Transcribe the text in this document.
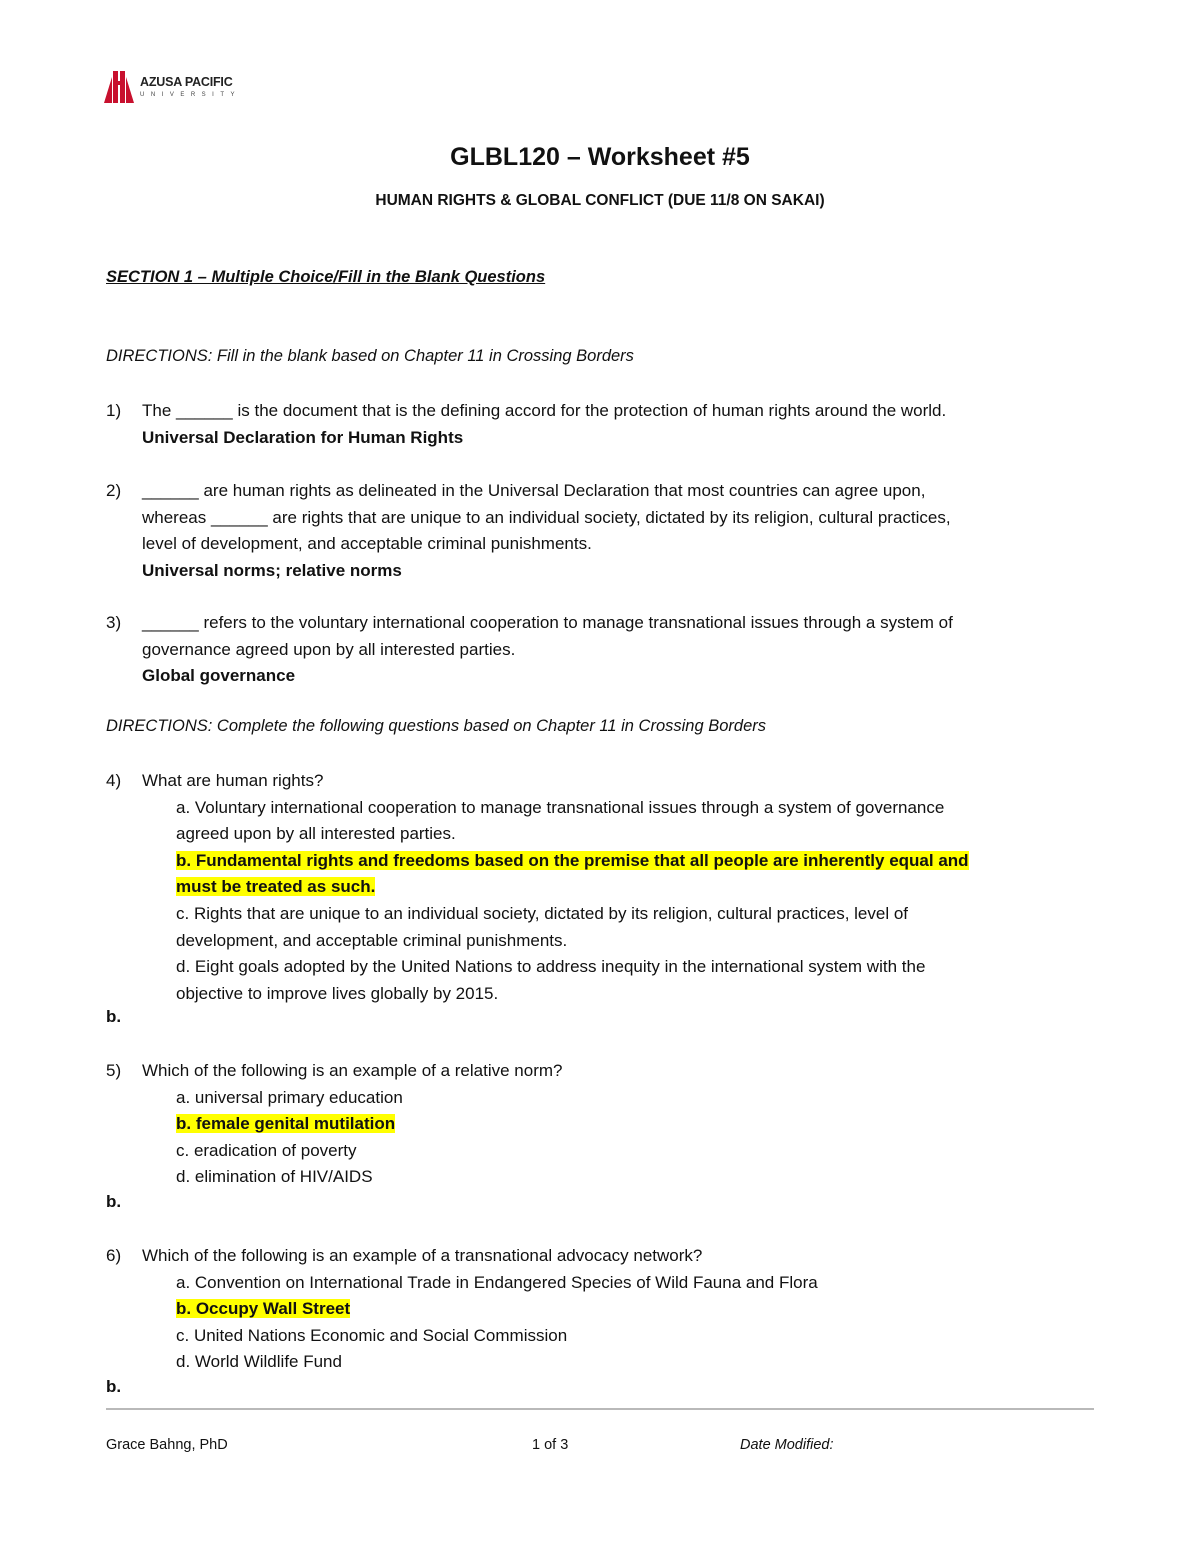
AZUSA PACIFIC
UNIVERSITY
GLBL120 – Worksheet #5
HUMAN RIGHTS & GLOBAL CONFLICT (DUE 11/8 ON SAKAI)
SECTION 1 – Multiple Choice/Fill in the Blank Questions
DIRECTIONS: Fill in the blank based on Chapter 11 in Crossing Borders
1) The ______ is the document that is the defining accord for the protection of human rights around the world.
Universal Declaration for Human Rights
2) ______ are human rights as delineated in the Universal Declaration that most countries can agree upon,
whereas ______ are rights that are unique to an individual society, dictated by its religion, cultural practices,
level of development, and acceptable criminal punishments.
Universal norms; relative norms
3) ______ refers to the voluntary international cooperation to manage transnational issues through a system of
governance agreed upon by all interested parties.
Global governance
DIRECTIONS: Complete the following questions based on Chapter 11 in Crossing Borders
4) What are human rights?
a. Voluntary international cooperation to manage transnational issues through a system of governance
agreed upon by all interested parties.
b. Fundamental rights and freedoms based on the premise that all people are inherently equal and
must be treated as such.
c. Rights that are unique to an individual society, dictated by its religion, cultural practices, level of
development, and acceptable criminal punishments.
d. Eight goals adopted by the United Nations to address inequity in the international system with the
objective to improve lives globally by 2015.
b.
5) Which of the following is an example of a relative norm?
a. universal primary education
b. female genital mutilation
c. eradication of poverty
d. elimination of HIV/AIDS
b.
6) Which of the following is an example of a transnational advocacy network?
a. Convention on International Trade in Endangered Species of Wild Fauna and Flora
b. Occupy Wall Street
c. United Nations Economic and Social Commission
d. World Wildlife Fund
b.
Grace Bahng, PhD	1 of 3	Date Modified:
